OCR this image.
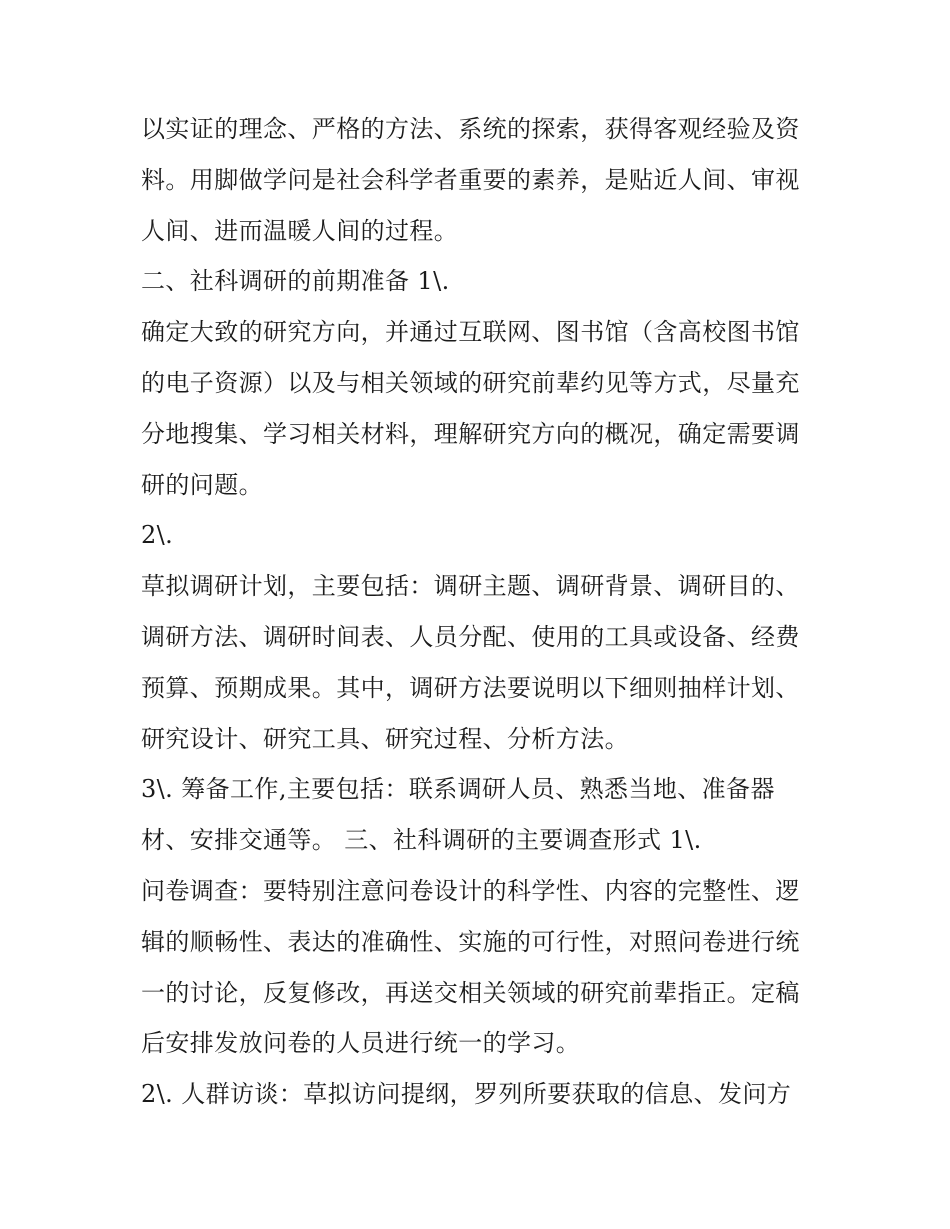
以实证的理念、严格的方法、系统的探索，获得客观经验及资
料。用脚做学问是社会科学者重要的素养，是贴近人间、审视
人间、进而温暖人间的过程。
二、社科调研的前期准备 1\.
确定大致的研究方向，并通过互联网、图书馆（含高校图书馆
的电子资源）以及与相关领域的研究前辈约见等方式，尽量充
分地搜集、学习相关材料，理解研究方向的概况，确定需要调
研的问题。
2\.
草拟调研计划，主要包括：调研主题、调研背景、调研目的、
调研方法、调研时间表、人员分配、使用的工具或设备、经费
预算、预期成果。其中，调研方法要说明以下细则抽样计划、
研究设计、研究工具、研究过程、分析方法。
3\. 筹备工作,主要包括：联系调研人员、熟悉当地、准备器
材、安排交通等。 三、社科调研的主要调查形式 1\.
问卷调查：要特别注意问卷设计的科学性、内容的完整性、逻
辑的顺畅性、表达的准确性、实施的可行性，对照问卷进行统
一的讨论，反复修改，再送交相关领域的研究前辈指正。定稿
后安排发放问卷的人员进行统一的学习。
2\. 人群访谈：草拟访问提纲，罗列所要获取的信息、发问方
